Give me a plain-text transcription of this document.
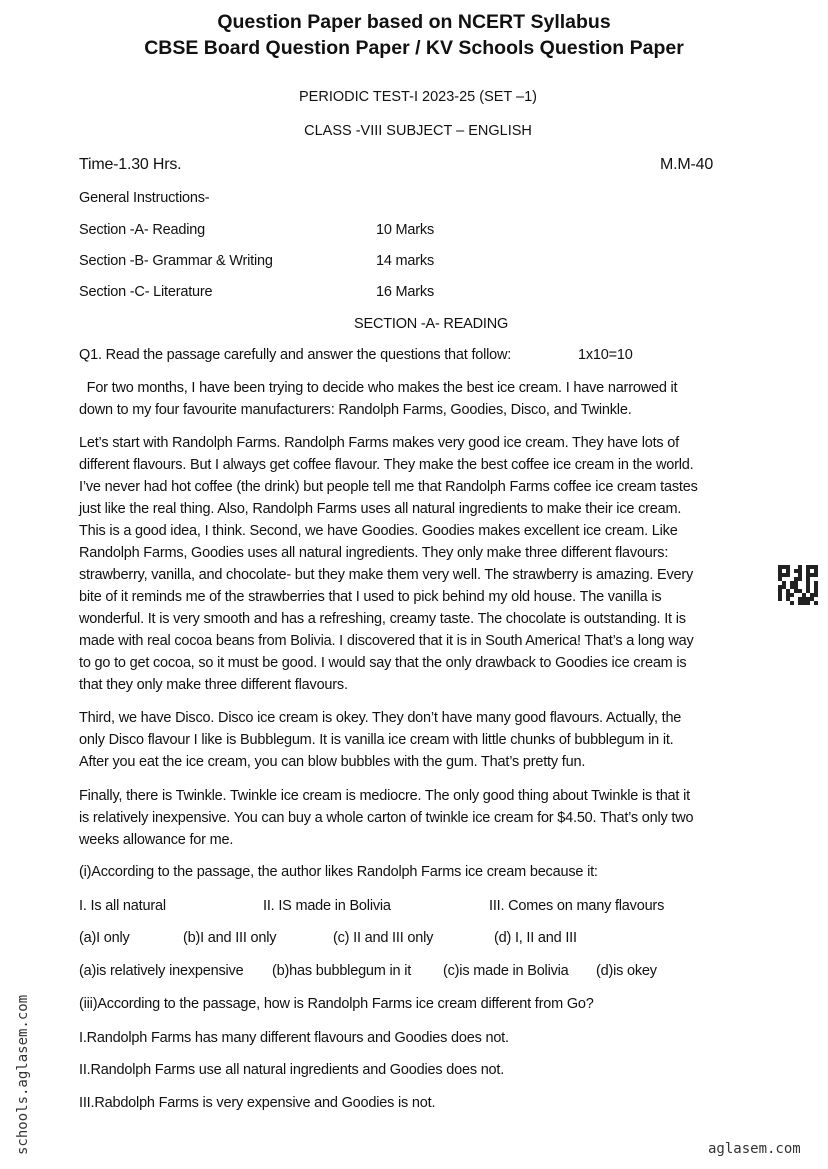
Question Paper based on NCERT Syllabus
CBSE Board Question Paper / KV Schools Question Paper
PERIODIC TEST-I 2023-25 (SET –1)
CLASS -VIII SUBJECT – ENGLISH
Time-1.30 Hrs.	M.M-40
General Instructions-
Section -A- Reading	10 Marks
Section -B- Grammar & Writing	14 marks
Section -C- Literature	16 Marks
SECTION -A- READING
Q1. Read the passage carefully and answer the questions that follow:	1x10=10
For two months, I have been trying to decide who makes the best ice cream. I have narrowed it
down to my four favourite manufacturers: Randolph Farms, Goodies, Disco, and Twinkle.
Let’s start with Randolph Farms. Randolph Farms makes very good ice cream. They have lots of
different flavours. But I always get coffee flavour. They make the best coffee ice cream in the world.
I’ve never had hot coffee (the drink) but people tell me that Randolph Farms coffee ice cream tastes
just like the real thing. Also, Randolph Farms uses all natural ingredients to make their ice cream.
This is a good idea, I think. Second, we have Goodies. Goodies makes excellent ice cream. Like
Randolph Farms, Goodies uses all natural ingredients. They only make three different flavours:
strawberry, vanilla, and chocolate- but they make them very well. The strawberry is amazing. Every
bite of it reminds me of the strawberries that I used to pick behind my old house. The vanilla is
wonderful. It is very smooth and has a refreshing, creamy taste. The chocolate is outstanding. It is
made with real cocoa beans from Bolivia. I discovered that it is in South America! That’s a long way
to go to get cocoa, so it must be good. I would say that the only drawback to Goodies ice cream is
that they only make three different flavours.
Third, we have Disco. Disco ice cream is okey. They don’t have many good flavours. Actually, the
only Disco flavour I like is Bubblegum. It is vanilla ice cream with little chunks of bubblegum in it.
After you eat the ice cream, you can blow bubbles with the gum. That’s pretty fun.
Finally, there is Twinkle. Twinkle ice cream is mediocre. The only good thing about Twinkle is that it
is relatively inexpensive. You can buy a whole carton of twinkle ice cream for $4.50. That’s only two
weeks allowance for me.
(i)According to the passage, the author likes Randolph Farms ice cream because it:
I. Is all natural	II. IS made in Bolivia	III. Comes on many flavours
(a)I only	(b)I and III only	(c) II and III only	(d) I, II and III
(a)is relatively inexpensive (b)has bubblegum in it (c)is made in Bolivia (d)is okey
(iii)According to the passage, how is Randolph Farms ice cream different from Go?
I.Randolph Farms has many different flavours and Goodies does not.
II.Randolph Farms use all natural ingredients and Goodies does not.
III.Rabdolph Farms is very expensive and Goodies is not.
schools.aglasem.com	aglasem.com
